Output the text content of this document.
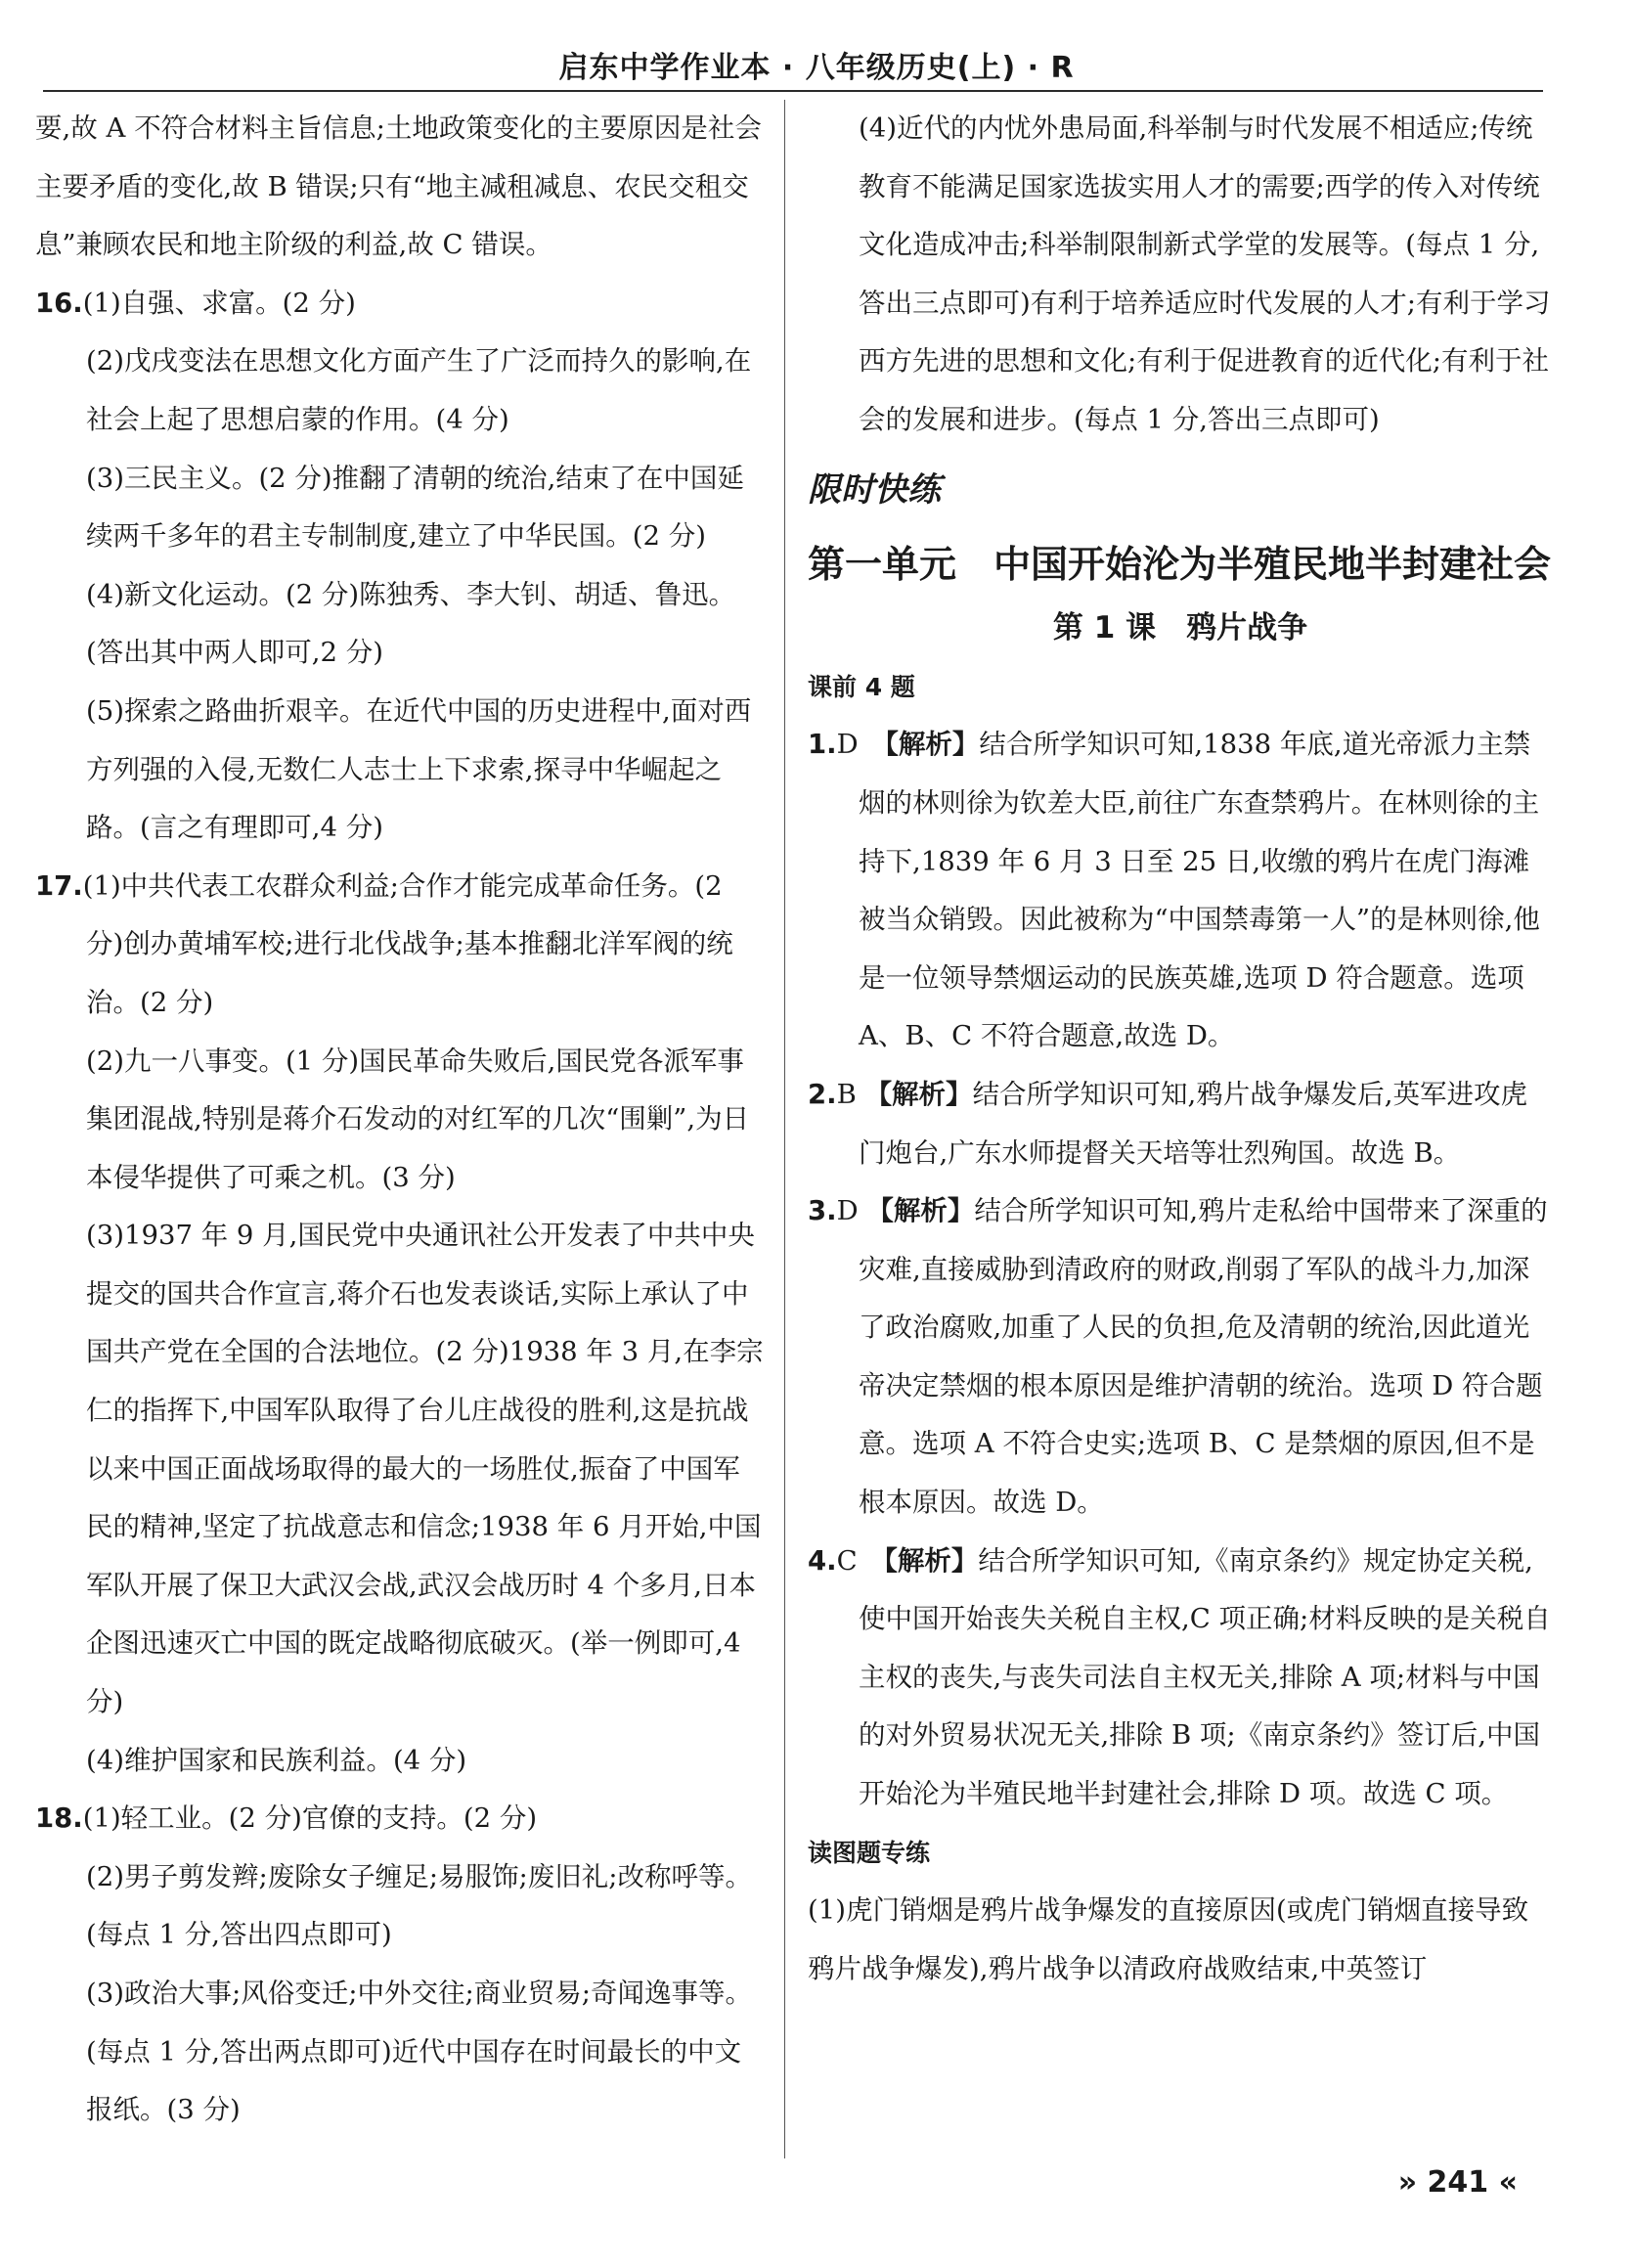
启东中学作业本 · 八年级历史(上) · R

要,故 A 不符合材料主旨信息;土地政策变化的主要原因是社会主要矛盾的变化,故 B 错误;只有“地主减租减息、农民交租交息”兼顾农民和地主阶级的利益,故 C 错误。

16.(1)自强、求富。(2 分)

(2)戊戌变法在思想文化方面产生了广泛而持久的影响,在社会上起了思想启蒙的作用。(4 分)

(3)三民主义。(2 分)推翻了清朝的统治,结束了在中国延续两千多年的君主专制制度,建立了中华民国。(2 分)

(4)新文化运动。(2 分)陈独秀、李大钊、胡适、鲁迅。(答出其中两人即可,2 分)

(5)探索之路曲折艰辛。在近代中国的历史进程中,面对西方列强的入侵,无数仁人志士上下求索,探寻中华崛起之路。(言之有理即可,4 分)

17.(1)中共代表工农群众利益;合作才能完成革命任务。(2 分)创办黄埔军校;进行北伐战争;基本推翻北洋军阀的统治。(2 分)

(2)九一八事变。(1 分)国民革命失败后,国民党各派军事集团混战,特别是蒋介石发动的对红军的几次“围剿”,为日本侵华提供了可乘之机。(3 分)

(3)1937 年 9 月,国民党中央通讯社公开发表了中共中央提交的国共合作宣言,蒋介石也发表谈话,实际上承认了中国共产党在全国的合法地位。(2 分)1938 年 3 月,在李宗仁的指挥下,中国军队取得了台儿庄战役的胜利,这是抗战以来中国正面战场取得的最大的一场胜仗,振奋了中国军民的精神,坚定了抗战意志和信念;1938 年 6 月开始,中国军队开展了保卫大武汉会战,武汉会战历时 4 个多月,日本企图迅速灭亡中国的既定战略彻底破灭。(举一例即可,4 分)

(4)维护国家和民族利益。(4 分)

18.(1)轻工业。(2 分)官僚的支持。(2 分)

(2)男子剪发辫;废除女子缠足;易服饰;废旧礼;改称呼等。(每点 1 分,答出四点即可)

(3)政治大事;风俗变迁;中外交往;商业贸易;奇闻逸事等。(每点 1 分,答出两点即可)近代中国存在时间最长的中文报纸。(3 分)

(4)近代的内忧外患局面,科举制与时代发展不相适应;传统教育不能满足国家选拔实用人才的需要;西学的传入对传统文化造成冲击;科举制限制新式学堂的发展等。(每点 1 分,答出三点即可)有利于培养适应时代发展的人才;有利于学习西方先进的思想和文化;有利于促进教育的近代化;有利于社会的发展和进步。(每点 1 分,答出三点即可)

限时快练

第一单元　中国开始沦为半殖民地半封建社会

第 1 课　鸦片战争

课前 4 题

1.D　 【解析】结合所学知识可知,1838 年底,道光帝派力主禁烟的林则徐为钦差大臣,前往广东查禁鸦片。在林则徐的主持下,1839 年 6 月 3 日至 25 日,收缴的鸦片在虎门海滩被当众销毁。因此被称为“中国禁毒第一人”的是林则徐,他是一位领导禁烟运动的民族英雄,选项 D 符合题意。选项 A、B、C 不符合题意,故选 D。

2.B 【解析】结合所学知识可知,鸦片战争爆发后,英军进攻虎门炮台,广东水师提督关天培等壮烈殉国。故选 B。

3.D 【解析】结合所学知识可知,鸦片走私给中国带来了深重的灾难,直接威胁到清政府的财政,削弱了军队的战斗力,加深了政治腐败,加重了人民的负担,危及清朝的统治,因此道光帝决定禁烟的根本原因是维护清朝的统治。选项 D 符合题意。选项 A 不符合史实;选项 B、C 是禁烟的原因,但不是根本原因。故选 D。

4.C　 【解析】结合所学知识可知,《南京条约》规定协定关税,使中国开始丧失关税自主权,C 项正确;材料反映的是关税自主权的丧失,与丧失司法自主权无关,排除 A 项;材料与中国的对外贸易状况无关,排除 B 项;《南京条约》签订后,中国开始沦为半殖民地半封建社会,排除 D 项。故选 C 项。

读图题专练

(1)虎门销烟是鸦片战争爆发的直接原因(或虎门销烟直接导致鸦片战争爆发),鸦片战争以清政府战败结束,中英签订

» 241 «
